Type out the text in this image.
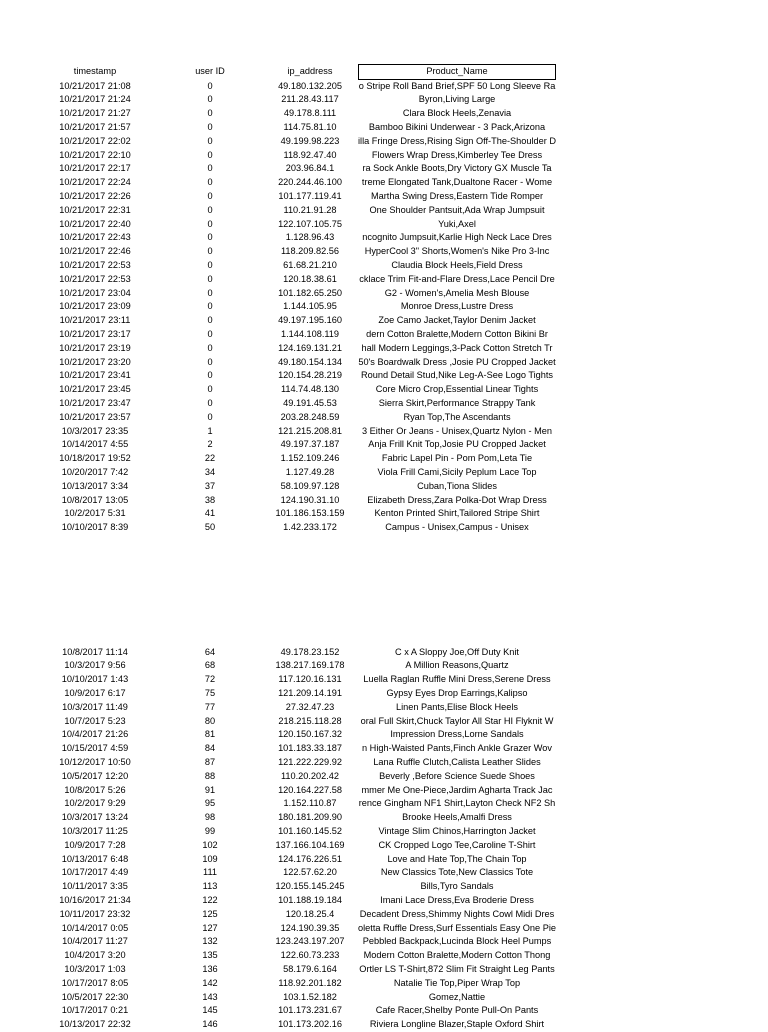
timestamp	user ID	ip_address	Product_Name
10/21/2017 21:08	0	49.180.132.205	o Stripe Roll Band Brief,SPF 50 Long Sleeve Ra
10/21/2017 21:24	0	211.28.43.117	Byron,Living Large
10/21/2017 21:27	0	49.178.8.111	Clara Block Heels,Zenavia
10/21/2017 21:57	0	114.75.81.10	Bamboo Bikini Underwear - 3 Pack,Arizona
10/21/2017 22:02	0	49.199.98.223	illa Fringe Dress,Rising Sign Off-The-Shoulder D
10/21/2017 22:10	0	118.92.47.40	Flowers Wrap Dress,Kimberley Tee Dress
10/21/2017 22:17	0	203.96.84.1	ra Sock Ankle Boots,Dry Victory GX Muscle Ta
10/21/2017 22:24	0	220.244.46.100	treme Elongated Tank,Dualtone Racer - Wome
10/21/2017 22:26	0	101.177.119.41	Martha Swing Dress,Eastern Tide Romper
10/21/2017 22:31	0	110.21.91.28	One Shoulder Pantsuit,Ada Wrap Jumpsuit
10/21/2017 22:40	0	122.107.105.75	Yuki,Axel
10/21/2017 22:43	0	1.128.96.43	ncognito Jumpsuit,Karlie High Neck Lace Dres
10/21/2017 22:46	0	118.209.82.56	HyperCool 3" Shorts,Women's Nike Pro 3-Inc
10/21/2017 22:53	0	61.68.21.210	Claudia Block Heels,Field Dress
10/21/2017 22:53	0	120.18.38.61	cklace Trim Fit-and-Flare Dress,Lace Pencil Dre
10/21/2017 23:04	0	101.182.65.250	G2 - Women's,Amelia Mesh Blouse
10/21/2017 23:09	0	1.144.105.95	Monroe Dress,Lustre Dress
10/21/2017 23:11	0	49.197.195.160	Zoe Camo Jacket,Taylor Denim Jacket
10/21/2017 23:17	0	1.144.108.119	dern Cotton Bralette,Modern Cotton Bikini Br
10/21/2017 23:19	0	124.169.131.21	hall Modern Leggings,3-Pack Cotton Stretch Tr
10/21/2017 23:20	0	49.180.154.134	50's Boardwalk Dress ,Josie PU Cropped Jacket
10/21/2017 23:41	0	120.154.28.219	Round Detail Stud,Nike Leg-A-See Logo Tights
10/21/2017 23:45	0	114.74.48.130	Core Micro Crop,Essential Linear Tights
10/21/2017 23:47	0	49.191.45.53	Sierra Skirt,Performance Strappy Tank
10/21/2017 23:57	0	203.28.248.59	Ryan Top,The Ascendants
10/3/2017 23:35	1	121.215.208.81	3 Either Or Jeans - Unisex,Quartz Nylon - Men
10/14/2017 4:55	2	49.197.37.187	Anja Frill Knit Top,Josie PU Cropped Jacket
10/18/2017 19:52	22	1.152.109.246	Fabric Lapel Pin - Pom Pom,Leta Tie
10/20/2017 7:42	34	1.127.49.28	Viola Frill Cami,Sicily Peplum Lace Top
10/13/2017 3:34	37	58.109.97.128	Cuban,Tiona Slides
10/8/2017 13:05	38	124.190.31.10	Elizabeth Dress,Zara Polka-Dot Wrap Dress
10/2/2017 5:31	41	101.186.153.159	Kenton Printed Shirt,Tailored Stripe Shirt
10/10/2017 8:39	50	1.42.233.172	Campus - Unisex,Campus - Unisex
10/8/2017 11:14	64	49.178.23.152	C x A Sloppy Joe,Off Duty Knit
10/3/2017 9:56	68	138.217.169.178	A Million Reasons,Quartz
10/10/2017 1:43	72	117.120.16.131	Luella Raglan Ruffle Mini Dress,Serene Dress
10/9/2017 6:17	75	121.209.14.191	Gypsy Eyes Drop Earrings,Kalipso
10/3/2017 11:49	77	27.32.47.23	Linen Pants,Elise Block Heels
10/7/2017 5:23	80	218.215.118.28	oral Full Skirt,Chuck Taylor All Star HI Flyknit W
10/4/2017 21:26	81	120.150.167.32	Impression Dress,Lorne Sandals
10/15/2017 4:59	84	101.183.33.187	n High-Waisted Pants,Finch Ankle Grazer Wov
10/12/2017 10:50	87	121.222.229.92	Lana Ruffle Clutch,Calista Leather Slides
10/5/2017 12:20	88	110.20.202.42	Beverly ,Before Science Suede Shoes
10/8/2017 5:26	91	120.164.227.58	mmer Me One-Piece,Jardim Agharta Track Jac
10/2/2017 9:29	95	1.152.110.87	rence Gingham NF1 Shirt,Layton Check NF2 Sh
10/3/2017 13:24	98	180.181.209.90	Brooke Heels,Amalfi Dress
10/3/2017 11:25	99	101.160.145.52	Vintage Slim Chinos,Harrington Jacket
10/9/2017 7:28	102	137.166.104.169	CK Cropped Logo Tee,Caroline T-Shirt
10/13/2017 6:48	109	124.176.226.51	Love and Hate Top,The Chain Top
10/17/2017 4:49	111	122.57.62.20	New Classics Tote,New Classics Tote
10/11/2017 3:35	113	120.155.145.245	Bills,Tyro Sandals
10/16/2017 21:34	122	101.188.19.184	Imani Lace Dress,Eva Broderie Dress
10/11/2017 23:32	125	120.18.25.4	Decadent Dress,Shimmy Nights Cowl Midi Dres
10/14/2017 0:05	127	124.190.39.35	oletta Ruffle Dress,Surf Essentials Easy One Pie
10/4/2017 11:27	132	123.243.197.207	Pebbled Backpack,Lucinda Block Heel Pumps
10/4/2017 3:20	135	122.60.73.233	Modern Cotton Bralette,Modern Cotton Thong
10/3/2017 1:03	136	58.179.6.164	Ortler LS T-Shirt,872 Slim Fit Straight Leg Pants
10/17/2017 8:05	142	118.92.201.182	Natalie Tie Top,Piper Wrap Top
10/5/2017 22:30	143	103.1.52.182	Gomez,Nattie
10/17/2017 0:21	145	101.173.231.67	Cafe Racer,Shelby Ponte Pull-On Pants
10/13/2017 22:32	146	101.173.202.16	Riviera Longline Blazer,Staple Oxford Shirt
